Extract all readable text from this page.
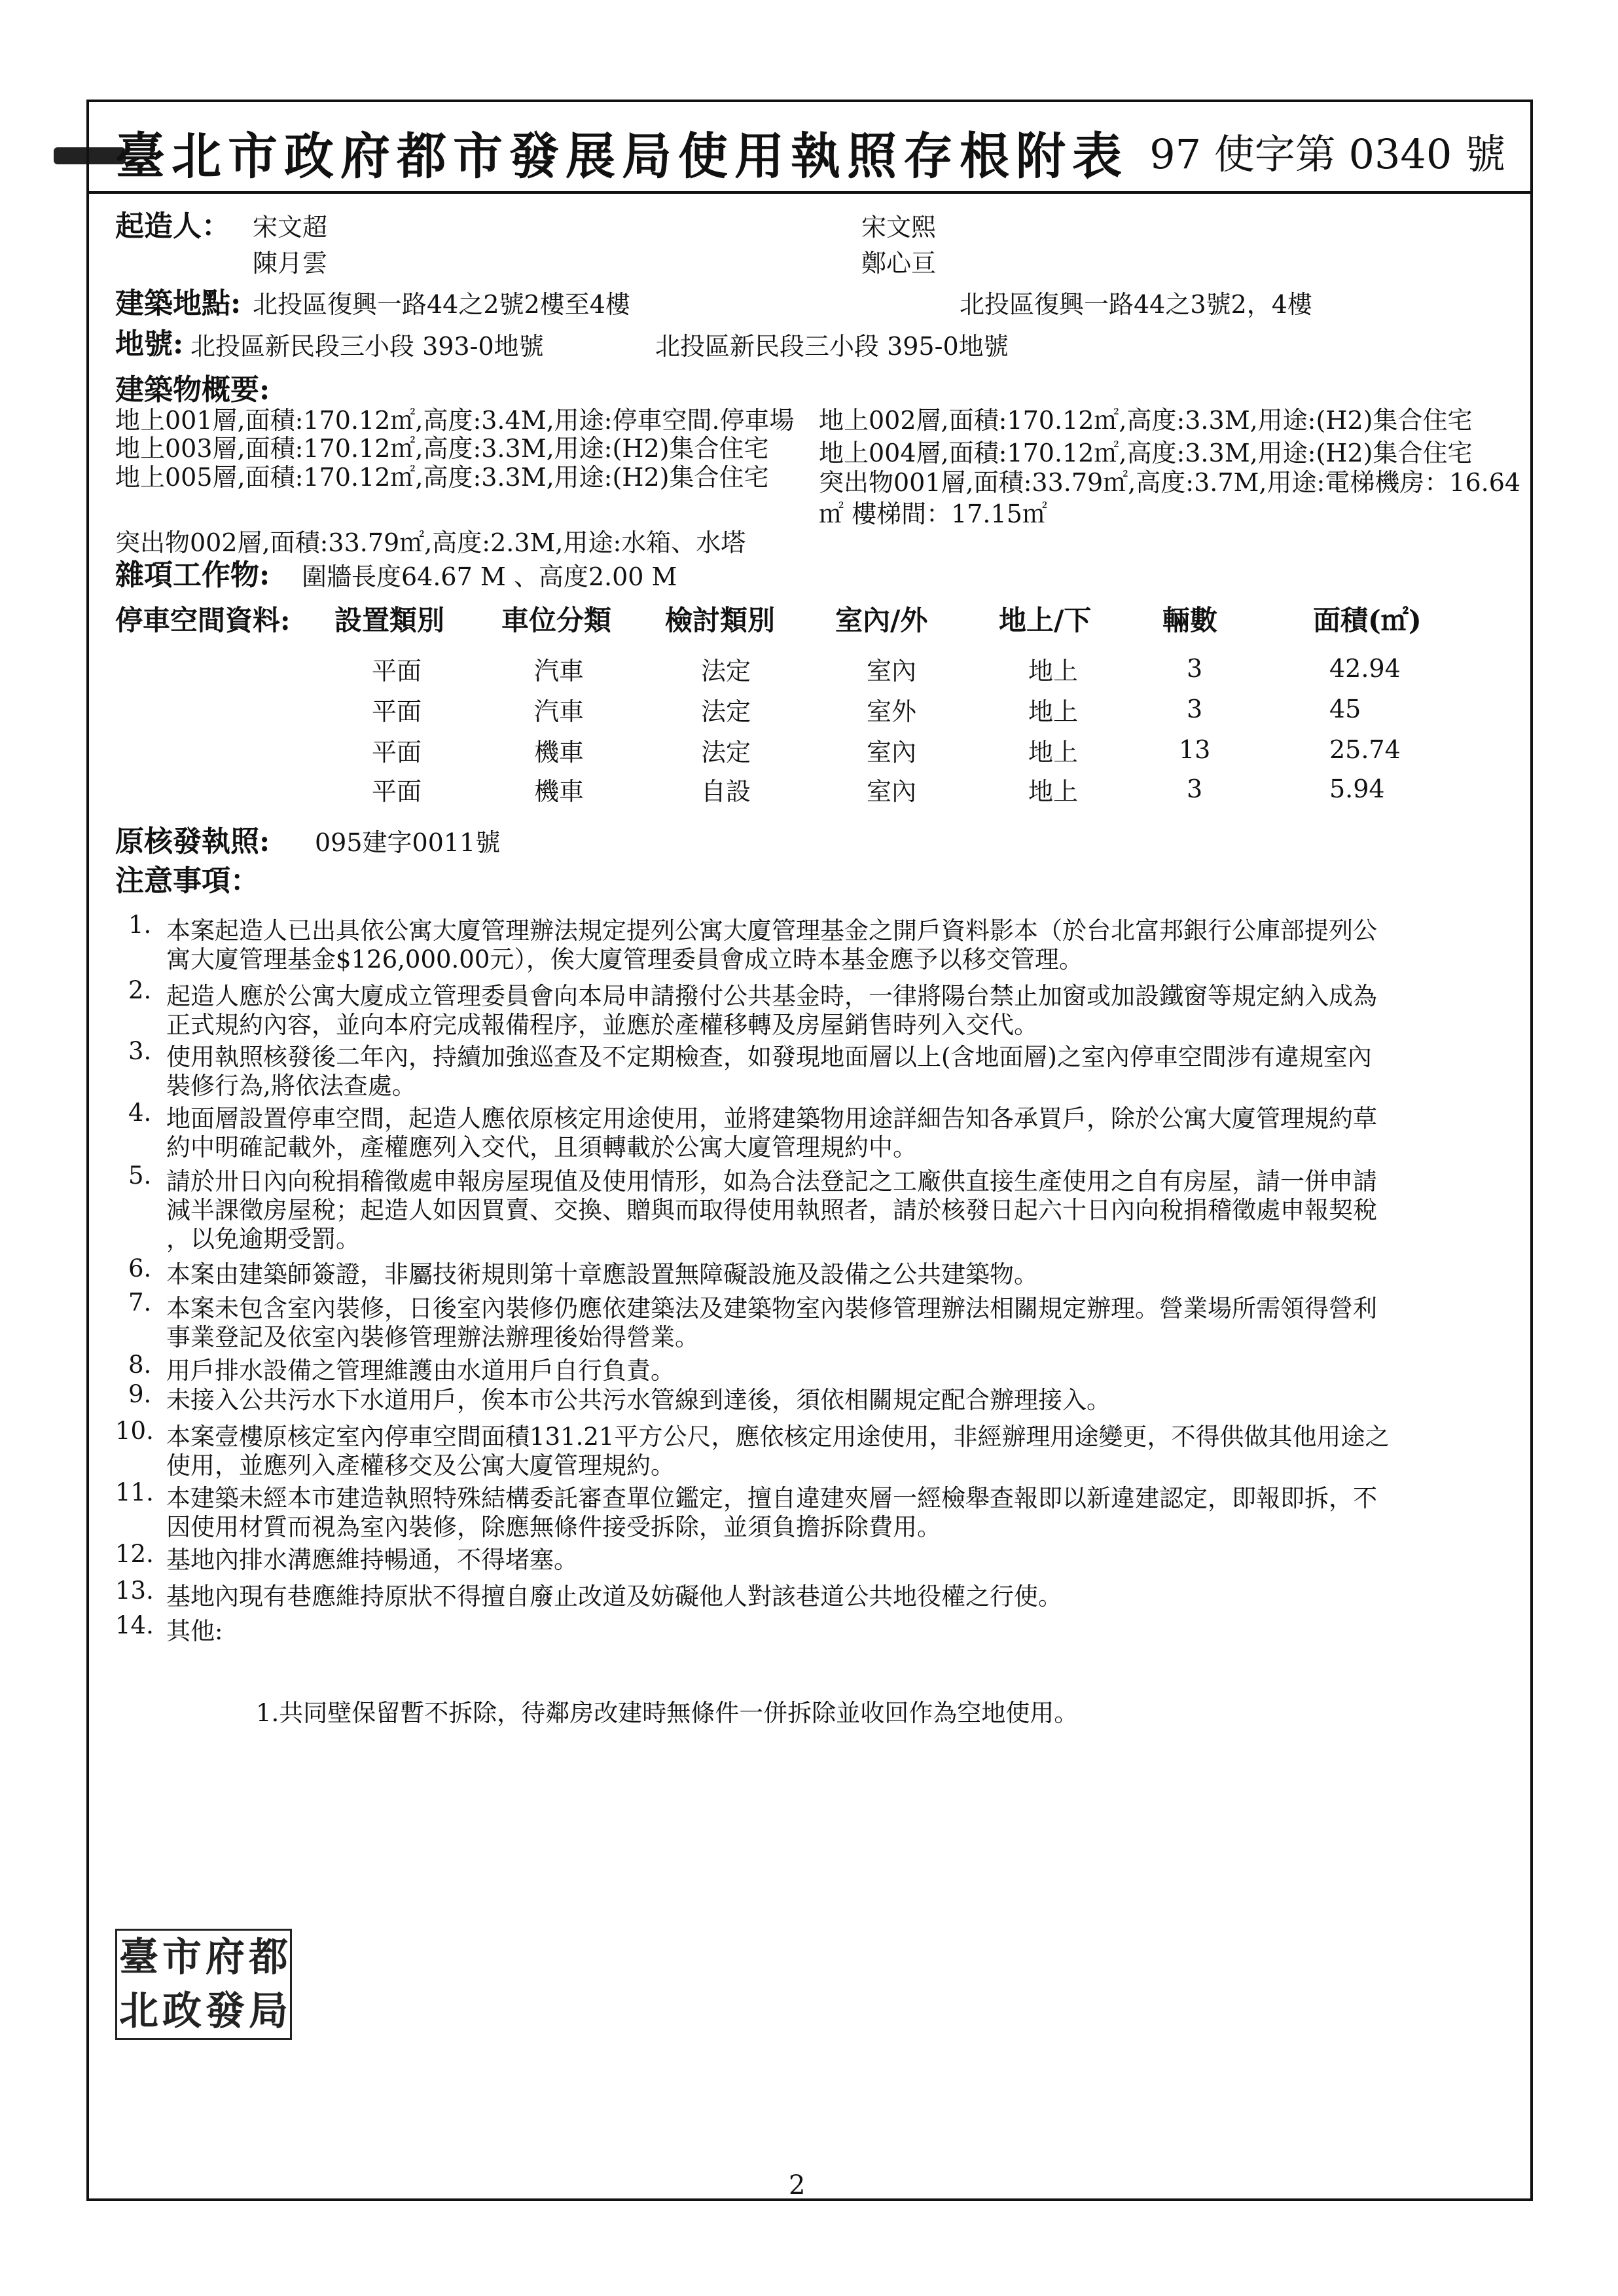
臺北市政府都市發展局使用執照存根附表 97 使字第 0340 號
起造人： 宋文超
陳月雲
宋文熙
鄭心亘
建築地點: 北投區復興一路44之2號2樓至4樓	北投區復興一路44之3號2，4樓
地號: 北投區新民段三小段 393-0地號	北投區新民段三小段 395-0地號
建築物概要:
地上001層,面積:170.12㎡,高度:3.4M,用途:停車空間.停車場 地上002層,面積:170.12㎡,高度:3.3M,用途:(H2)集合住宅
地上003層,面積:170.12㎡,高度:3.3M,用途:(H2)集合住宅 地上004層,面積:170.12㎡,高度:3.3M,用途:(H2)集合住宅
地上005層,面積:170.12㎡,高度:3.3M,用途:(H2)集合住宅 突出物001層,面積:33.79㎡,高度:3.7M,用途:電梯機房：16.64
㎡ 樓梯間：17.15㎡
突出物002層,面積:33.79㎡,高度:2.3M,用途:水箱、水塔
雜項工作物: 圍牆長度64.67 M 、高度2.00 M
停車空間資料: 設置類別 車位分類 檢討類別 室內/外	地上/下	輛數	面積(㎡)
平面	汽車	法定	室內	地上	3	42.94
平面	汽車	法定	室外	地上	3	45
平面	機車	法定	室內	地上	13	25.74
平面	機車	自設	室內	地上	3	5.94
原核發執照: 095建字0011號
注意事項：
1. 本案起造人已出具依公寓大廈管理辦法規定提列公寓大廈管理基金之開戶資料影本（於台北富邦銀行公庫部提列公
寓大廈管理基金$126,000.00元），俟大廈管理委員會成立時本基金應予以移交管理。
2. 起造人應於公寓大廈成立管理委員會向本局申請撥付公共基金時，一律將陽台禁止加窗或加設鐵窗等規定納入成為
正式規約內容，並向本府完成報備程序，並應於產權移轉及房屋銷售時列入交代。
3. 使用執照核發後二年內，持續加強巡查及不定期檢查，如發現地面層以上(含地面層)之室內停車空間涉有違規室內
裝修行為,將依法查處。
4. 地面層設置停車空間，起造人應依原核定用途使用，並將建築物用途詳細告知各承買戶，除於公寓大廈管理規約草
約中明確記載外，產權應列入交代，且須轉載於公寓大廈管理規約中。
5. 請於卅日內向稅捐稽徵處申報房屋現值及使用情形，如為合法登記之工廠供直接生產使用之自有房屋，請一併申請
減半課徵房屋稅；起造人如因買賣、交換、贈與而取得使用執照者，請於核發日起六十日內向稅捐稽徵處申報契稅
，以免逾期受罰。
6. 本案由建築師簽證，非屬技術規則第十章應設置無障礙設施及設備之公共建築物。
7. 本案未包含室內裝修，日後室內裝修仍應依建築法及建築物室內裝修管理辦法相關規定辦理。營業場所需領得營利
事業登記及依室內裝修管理辦法辦理後始得營業。
8. 用戶排水設備之管理維護由水道用戶自行負責。
9. 未接入公共污水下水道用戶，俟本市公共污水管線到達後，須依相關規定配合辦理接入。
10. 本案壹樓原核定室內停車空間面積131.21平方公尺，應依核定用途使用，非經辦理用途變更，不得供做其他用途之
使用，並應列入產權移交及公寓大廈管理規約。
11. 本建築未經本市建造執照特殊結構委託審查單位鑑定，擅自違建夾層一經檢舉查報即以新違建認定，即報即拆，不
因使用材質而視為室內裝修，除應無條件接受拆除，並須負擔拆除費用。
12. 基地內排水溝應維持暢通，不得堵塞。
13. 基地內現有巷應維持原狀不得擅自廢止改道及妨礙他人對該巷道公共地役權之行使。
14. 其他:
1.共同壁保留暫不拆除，待鄰房改建時無條件一併拆除並收回作為空地使用。
臺 市 府 都
北 政 發 局
2
